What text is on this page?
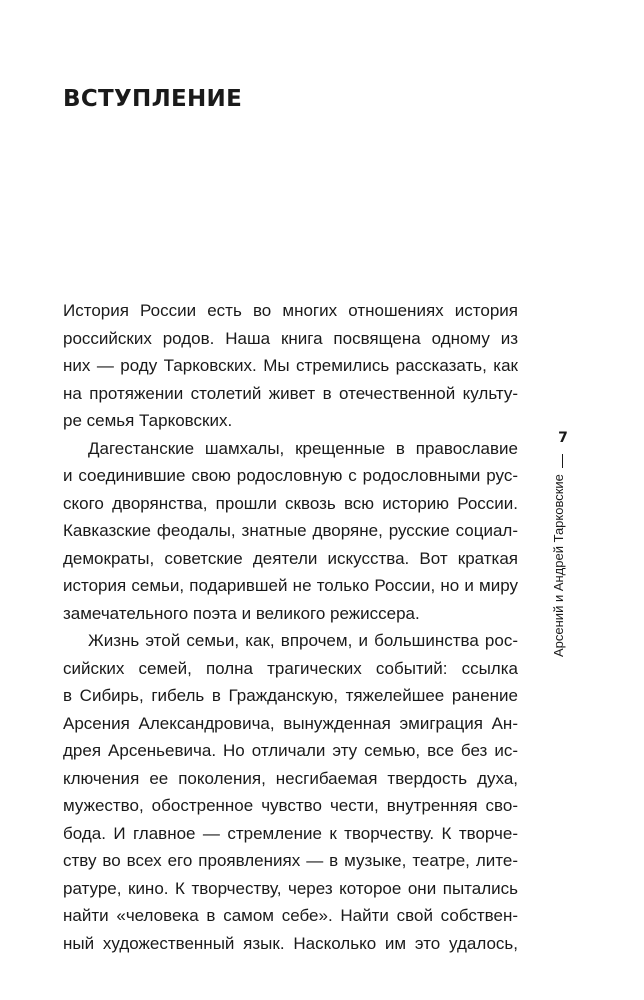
ВСТУПЛЕНИЕ
История России есть во многих отношениях история
российских родов. Наша книга посвящена одному из
них — роду Тарковских. Мы стремились рассказать, как
на протяжении столетий живет в отечественной культу-
ре семья Тарковских.
Дагестанские шамхалы, крещенные в православие
и соединившие свою родословную с родословными рус-
ского дворянства, прошли сквозь всю историю России.
Кавказские феодалы, знатные дворяне, русские социал-
демократы, советские деятели искусства. Вот краткая
история семьи, подарившей не только России, но и миру
замечательного поэта и великого режиссера.
Жизнь этой семьи, как, впрочем, и большинства рос-
сийских семей, полна трагических событий: ссылка
в Сибирь, гибель в Гражданскую, тяжелейшее ранение
Арсения Александровича, вынужденная эмиграция Ан-
дрея Арсеньевича. Но отличали эту семью, все без ис-
ключения ее поколения, несгибаемая твердость духа,
мужество, обостренное чувство чести, внутренняя сво-
бода. И главное — стремление к творчеству. К творче-
ству во всех его проявлениях — в музыке, театре, лите-
ратуре, кино. К творчеству, через которое они пытались
найти «человека в самом себе». Найти свой собствен-
ный художественный язык. Насколько им это удалось,
7
Арсений и Андрей Тарковские
